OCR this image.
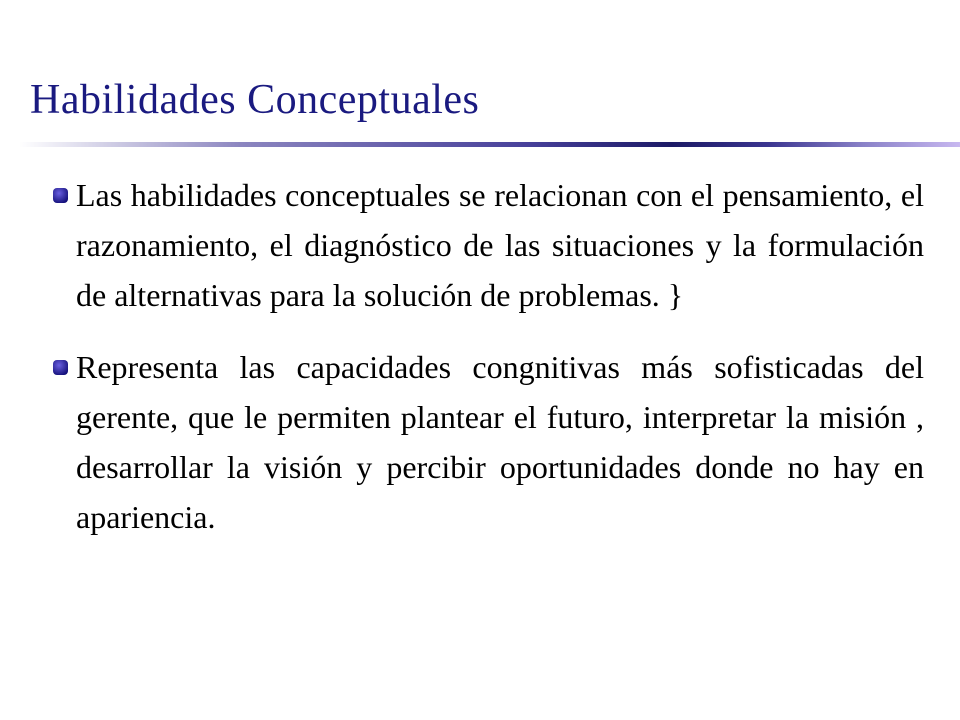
Habilidades Conceptuales
Las habilidades conceptuales se relacionan con el pensamiento, el razonamiento, el diagnóstico de las situaciones y la formulación de alternativas para la solución de problemas. }
Representa las capacidades congnitivas más sofisticadas del gerente, que le permiten plantear el futuro, interpretar la misión , desarrollar la visión y percibir oportunidades donde no hay en apariencia.
